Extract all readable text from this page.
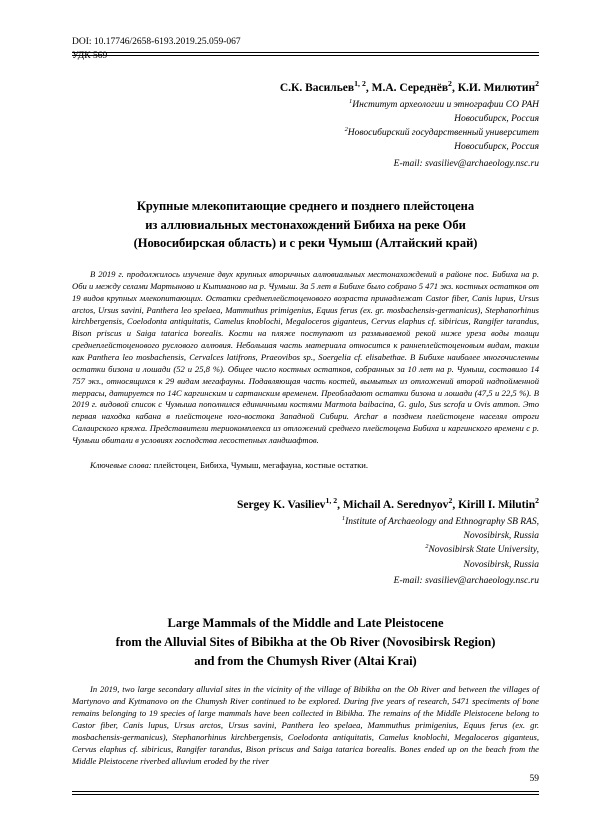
DOI: 10.17746/2658-6193.2019.25.059-067
УДК 569
С.К. Васильев$^{1, 2}$, М.А. Середнёв$^2$, К.И. Милютин$^2$
$^1$Институт археологии и этнографии СО РАН
Новосибирск, Россия
$^2$Новосибирский государственный университет
Новосибирск, Россия
E-mail: svasiliev@archaeology.nsc.ru
Крупные млекопитающие среднего и позднего плейстоцена
из аллювиальных местонахождений Бибиха на реке Оби
(Новосибирская область) и с реки Чумыш (Алтайский край)
В 2019 г. продолжилось изучение двух крупных вторичных аллювиальных местонахождений в районе пос. Бибиха на р. Оби и между селами Мартыново и Кытманово на р. Чумыш. За 5 лет в Бибихе было собрано 5 471 экз. костных остатков от 19 видов крупных млекопитающих. Остатки среднеплейстоценового возраста принадлежат Castor fiber, Canis lupus, Ursus arctos, Ursus savini, Panthera leo spelaea, Mammuthus primigenius, Equus ferus (ex. gr. mosbachensis-germanicus), Stephanorhinus kirchbergensis, Coelodonta antiquitatis, Camelus knoblochi, Megaloceros giganteus, Cervus elaphus cf. sibiricus, Rangifer tarandus, Bison priscus и Saiga tatarica borealis. Кости на пляже поступают из размываемой рекой ниже уреза воды толщи среднеплейстоценового руслового аллювия. Небольшая часть материала относится к раннеплейстоценовым видам, таким как Panthera leo mosbachensis, Cervalces latifrons, Praeovibos sp., Soergelia cf. elisabethae. В Бибихе наиболее многочисленны остатки бизона и лошади (52 и 25,8 %). Общее число костных остатков, собранных за 10 лет на р. Чумыш, составило 14 757 экз., относящихся к 29 видам мегафауны. Подавляющая часть костей, вымытых из отложений второй надпойменной террасы, датируется по 14С каргинским и сартанским временем. Преобладают остатки бизона и лошади (47,5 и 22,5 %). В 2019 г. видовой список с Чумыша пополнился единичными костями Marmota baibacina, G. gulo, Sus scrofa и Ovis ammon. Это первая находка кабана в плейстоцене юго-востока Западной Сибири. Archar в позднем плейстоцене населял отроги Салаирского кряжа. Представители териокомплекса из отложений среднего плейстоцена Бибиха и каргинского времени с р. Чумыш обитали в условиях господства лесостепных ландшафтов.
Ключевые слова: плейстоцен, Бибиха, Чумыш, мегафауна, костные остатки.
Sergey K. Vasiliev$^{1, 2}$, Michail A. Serednyov$^2$, Kirill I. Milutin$^2$
$^1$Institute of Archaeology and Ethnography SB RAS,
Novosibirsk, Russia
$^2$Novosibirsk State University,
Novosibirsk, Russia
E-mail: svasiliev@archaeology.nsc.ru
Large Mammals of the Middle and Late Pleistocene
from the Alluvial Sites of Bibikha at the Ob River (Novosibirsk Region)
and from the Chumysh River (Altai Krai)
In 2019, two large secondary alluvial sites in the vicinity of the village of Bibikha on the Ob River and between the villages of Martynovo and Kytmanovo on the Chumysh River continued to be explored. During five years of research, 5471 speciments of bone remains belonging to 19 species of large mammals have been collected in Bibikha. The remains of the Middle Pleistocene belong to Castor fiber, Canis lupus, Ursus arctos, Ursus savini, Panthera leo spelaea, Mammuthus primigenius, Equus ferus (ex. gr. mosbachensis-germanicus), Stephanorhinus kirchbergensis, Coelodonta antiquitatis, Camelus knoblochi, Megaloceros giganteus, Cervus elaphus cf. sibiricus, Rangifer tarandus, Bison priscus and Saiga tatarica borealis. Bones ended up on the beach from the Middle Pleistocene riverbed alluvium eroded by the river
59
